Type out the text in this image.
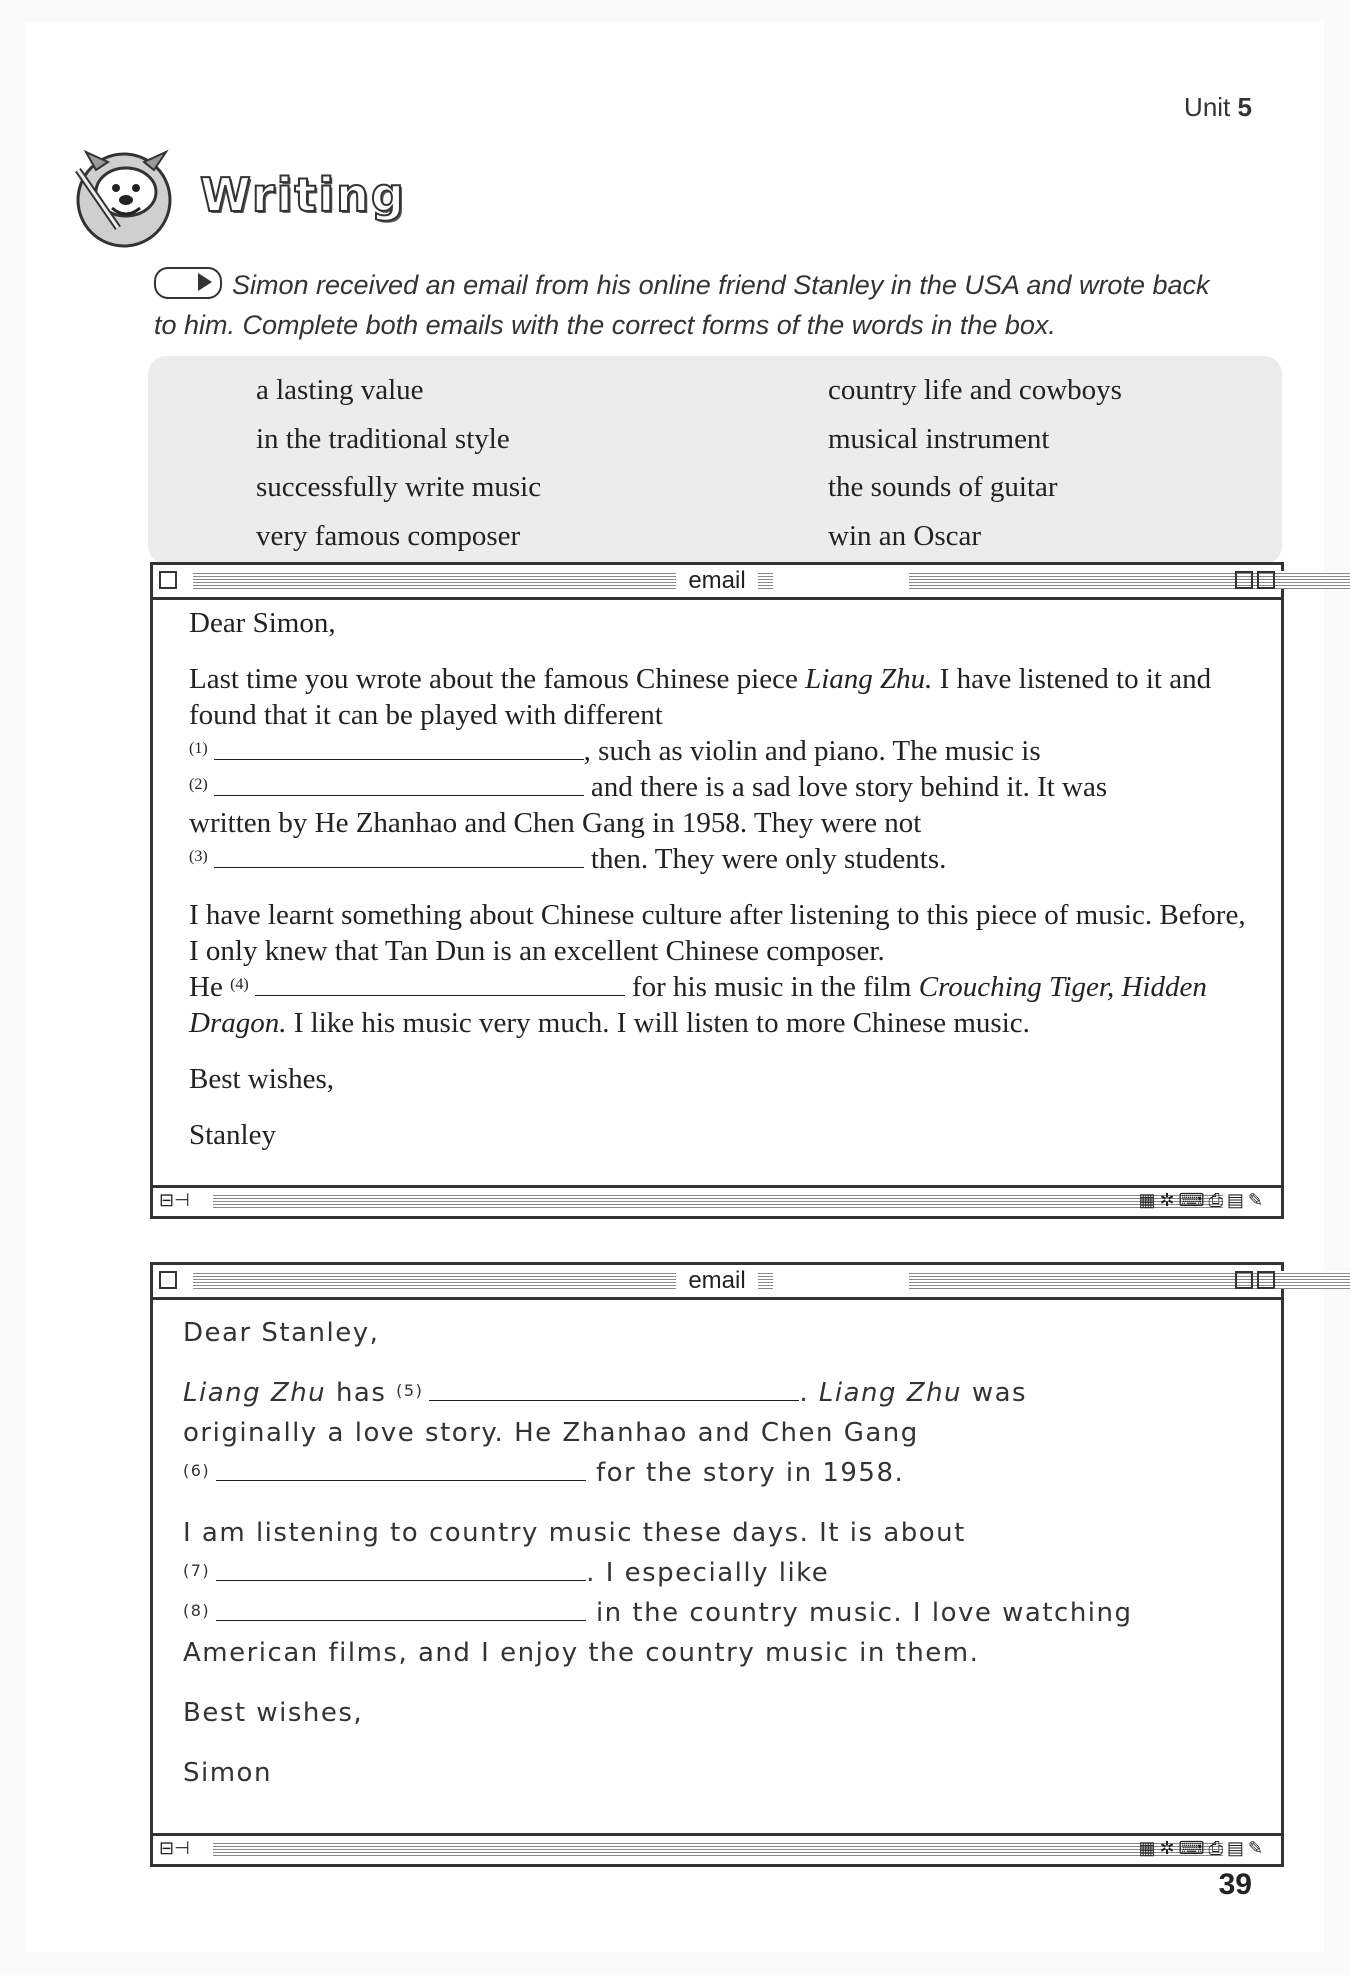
Unit 5
Writing
Simon received an email from his online friend Stanley in the USA and wrote back to him. Complete both emails with the correct forms of the words in the box.
a lasting value
in the traditional style
successfully write music
very famous composer
country life and cowboys
musical instrument
the sounds of guitar
win an Oscar
email

Dear Simon,

Last time you wrote about the famous Chinese piece Liang Zhu. I have listened to it and found that it can be played with different
$^{(1)}$	, such as violin and piano. The music is
$^{(2)}$	and there is a sad love story behind it. It was
written by He Zhanhao and Chen Gang in 1958. They were not
$^{(3)}$	then. They were only students.

I have learnt something about Chinese culture after listening to this piece of music. Before, I only knew that Tan Dun is an excellent Chinese composer.
He $^{(4)}$	for his music in the film Crouching Tiger, Hidden Dragon. I like his music very much. I will listen to more Chinese music.

Best wishes,

Stanley

⊟⊣	▦✲⌨⎙▤✎
email

Dear Stanley,

Liang Zhu has $^{(5)}$	. Liang Zhu was
originally a love story. He Zhanhao and Chen Gang
$^{(6)}$	for the story in 1958.

I am listening to country music these days. It is about
$^{(7)}$	. I especially like
$^{(8)}$	in the country music. I love watching
American films, and I enjoy the country music in them.

Best wishes,

Simon

⊟⊣	▦✲⌨⎙▤✎
39
